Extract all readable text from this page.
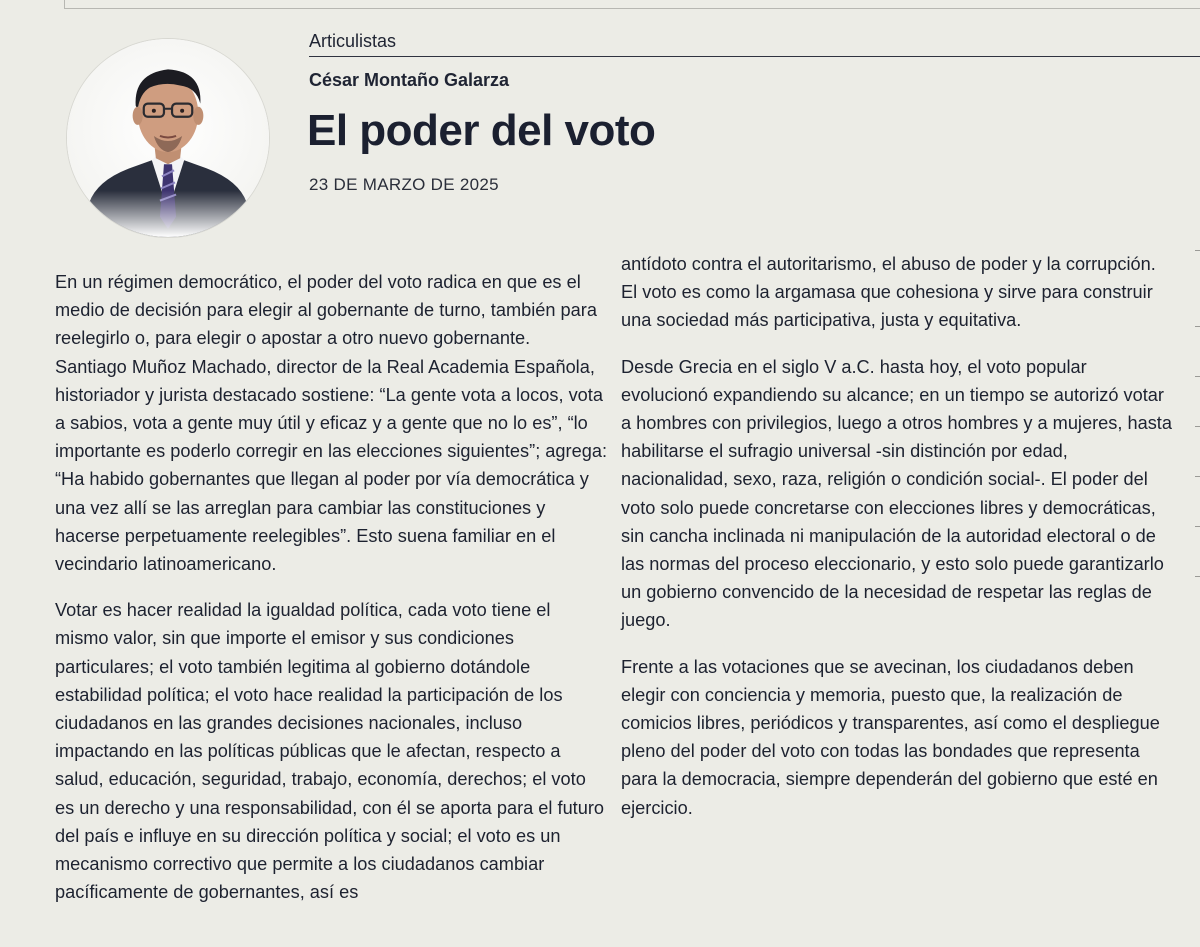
Articulistas
César Montaño Galarza
El poder del voto
23 DE MARZO DE 2025

En un régimen democrático, el poder del voto radica en que es el medio de decisión para elegir al gobernante de turno, también para reelegirlo o, para elegir o apostar a otro nuevo gobernante. Santiago Muñoz Machado, director de la Real Academia Española, historiador y jurista destacado sostiene: “La gente vota a locos, vota a sabios, vota a gente muy útil y eficaz y a gente que no lo es”, “lo importante es poderlo corregir en las elecciones siguientes”; agrega: “Ha habido gobernantes que llegan al poder por vía democrática y una vez allí se las arreglan para cambiar las constituciones y hacerse perpetuamente reelegibles”. Esto suena familiar en el vecindario latinoamericano.

Votar es hacer realidad la igualdad política, cada voto tiene el mismo valor, sin que importe el emisor y sus condiciones particulares; el voto también legitima al gobierno dotándole estabilidad política; el voto hace realidad la participación de los ciudadanos en las grandes decisiones nacionales, incluso impactando en las políticas públicas que le afectan, respecto a salud, educación, seguridad, trabajo, economía, derechos; el voto es un derecho y una responsabilidad, con él se aporta para el futuro del país e influye en su dirección política y social; el voto es un mecanismo correctivo que permite a los ciudadanos cambiar pacíficamente de gobernantes, así es

antídoto contra el autoritarismo, el abuso de poder y la corrupción. El voto es como la argamasa que cohesiona y sirve para construir una sociedad más participativa, justa y equitativa.

Desde Grecia en el siglo V a.C. hasta hoy, el voto popular evolucionó expandiendo su alcance; en un tiempo se autorizó votar a hombres con privilegios, luego a otros hombres y a mujeres, hasta habilitarse el sufragio universal -sin distinción por edad, nacionalidad, sexo, raza, religión o condición social-. El poder del voto solo puede concretarse con elecciones libres y democráticas, sin cancha inclinada ni manipulación de la autoridad electoral o de las normas del proceso eleccionario, y esto solo puede garantizarlo un gobierno convencido de la necesidad de respetar las reglas de juego.

Frente a las votaciones que se avecinan, los ciudadanos deben elegir con conciencia y memoria, puesto que, la realización de comicios libres, periódicos y transparentes, así como el despliegue pleno del poder del voto con todas las bondades que representa para la democracia, siempre dependerán del gobierno que esté en ejercicio.
